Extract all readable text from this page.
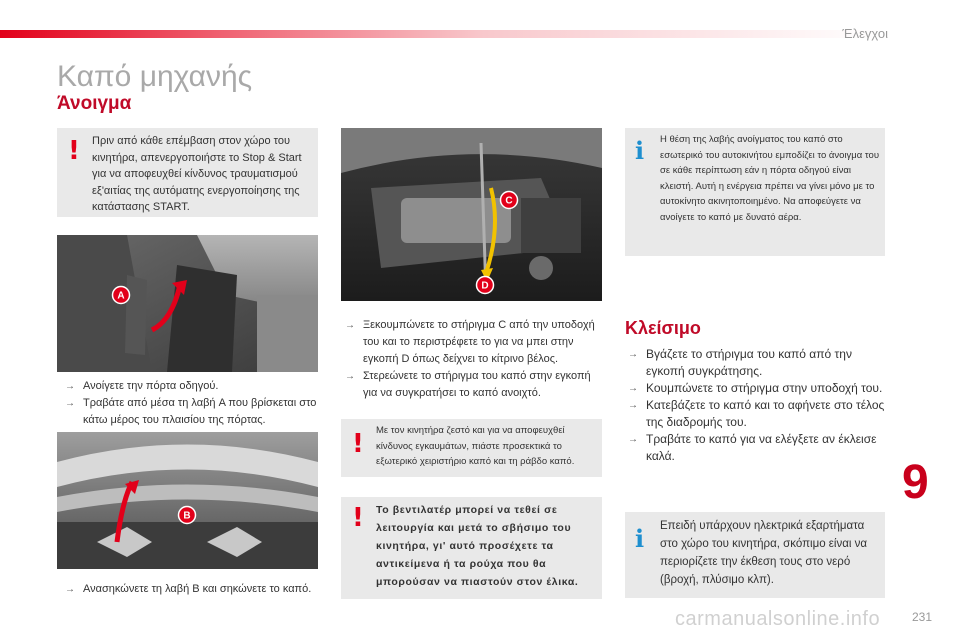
Έλεγχοι
Καπό μηχανής
Άνοιγμα
! Πριν από κάθε επέμβαση στον χώρο του κινητήρα, απενεργοποιήστε το Stop & Start για να αποφευχθεί κίνδυνος τραυματισμού εξ'αιτίας της αυτόματης ενεργοποίησης της κατάστασης START.
A
→ Ανοίγετε την πόρτα οδηγού.
→ Τραβάτε από μέσα τη λαβή A που βρίσκεται στο κάτω μέρος του πλαισίου της πόρτας.
B
→ Ανασηκώνετε τη λαβή B και σηκώνετε το καπό.
C
D
→ Ξεκουμπώνετε το στήριγμα C από την υποδοχή του και το περιστρέφετε το για να μπει στην εγκοπή D όπως δείχνει το κίτρινο βέλος.
→ Στερεώνετε το στήριγμα του καπό στην εγκοπή για να συγκρατήσει το καπό ανοιχτό.
! Με τον κινητήρα ζεστό και για να αποφευχθεί κίνδυνος εγκαυμάτων, πιάστε προσεκτικά το εξωτερικό χειριστήριο καπό και τη ράβδο καπό.
! Το βεντιλατέρ μπορεί να τεθεί σε λειτουργία και μετά το σβήσιμο του κινητήρα, γι' αυτό προσέχετε τα αντικείμενα ή τα ρούχα που θα μπορούσαν να πιαστούν στον έλικα.
i Η θέση της λαβής ανοίγματος του καπό στο εσωτερικό του αυτοκινήτου εμποδίζει το άνοιγμα του σε κάθε περίπτωση εάν η πόρτα οδηγού είναι κλειστή. Αυτή η ενέργεια πρέπει να γίνει μόνο με το αυτοκίνητο ακινητοποιημένο. Να αποφεύγετε να ανοίγετε το καπό με δυνατό αέρα.
Κλείσιμο
→ Βγάζετε το στήριγμα του καπό από την εγκοπή συγκράτησης.
→ Κουμπώνετε το στήριγμα στην υποδοχή του.
→ Κατεβάζετε το καπό και το αφήνετε στο τέλος της διαδρομής του.
→ Τραβάτε το καπό για να ελέγξετε αν έκλεισε καλά.
i Επειδή υπάρχουν ηλεκτρικά εξαρτήματα στο χώρο του κινητήρα, σκόπιμο είναι να περιορίζετε την έκθεση τους στο νερό (βροχή, πλύσιμο κλπ).
9
carmanualsonline.info	231
